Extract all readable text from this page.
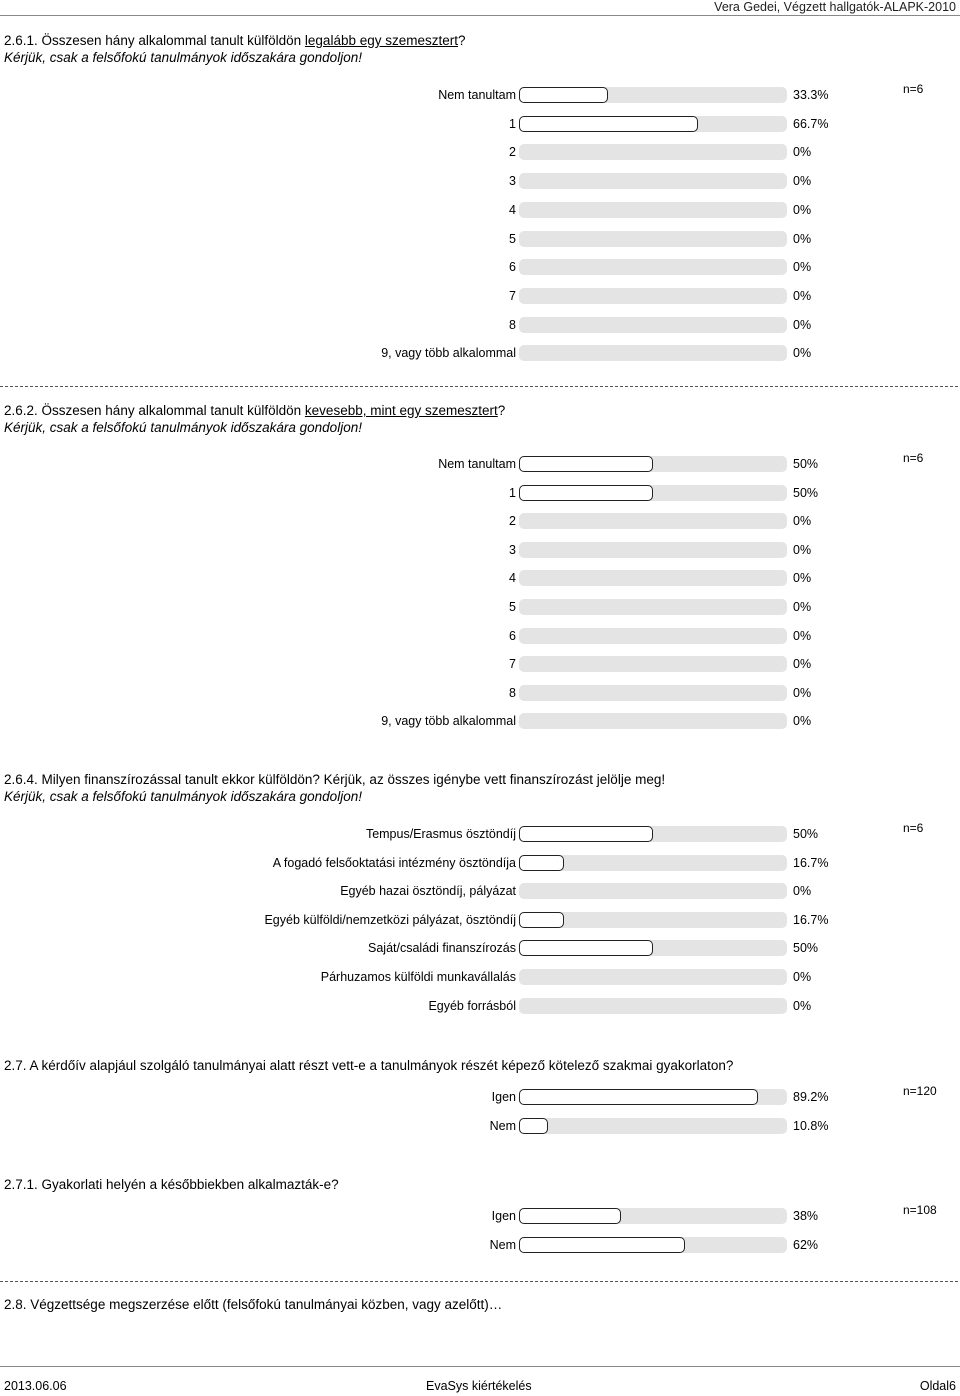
Vera Gedei, Végzett hallgatók-ALAPK-2010
2.6.1. Összesen hány alkalommal tanult külföldön legalább egy szemesztert?
Kérjük, csak a felsőfokú tanulmányok időszakára gondoljon!
n=6
Nem tanultam	33.3%
1	66.7%
2	0%
3	0%
4	0%
5	0%
6	0%
7	0%
8	0%
9, vagy több alkalommal	0%
2.6.2. Összesen hány alkalommal tanult külföldön kevesebb, mint egy szemesztert?
Kérjük, csak a felsőfokú tanulmányok időszakára gondoljon!
n=6
Nem tanultam	50%
1	50%
2	0%
3	0%
4	0%
5	0%
6	0%
7	0%
8	0%
9, vagy több alkalommal	0%
2.6.4. Milyen finanszírozással tanult ekkor külföldön? Kérjük, az összes igénybe vett finanszírozást jelölje meg!
Kérjük, csak a felsőfokú tanulmányok időszakára gondoljon!
n=6
Tempus/Erasmus ösztöndíj	50%
A fogadó felsőoktatási intézmény ösztöndíja	16.7%
Egyéb hazai ösztöndíj, pályázat	0%
Egyéb külföldi/nemzetközi pályázat, ösztöndíj	16.7%
Saját/családi finanszírozás	50%
Párhuzamos külföldi munkavállalás	0%
Egyéb forrásból	0%
2.7. A kérdőív alapjául szolgáló tanulmányai alatt részt vett-e a tanulmányok részét képező kötelező szakmai gyakorlaton?
n=120
Igen	89.2%
Nem	10.8%
2.7.1. Gyakorlati helyén a későbbiekben alkalmazták-e?
n=108
Igen	38%
Nem	62%
2.8. Végzettsége megszerzése előtt (felsőfokú tanulmányai közben, vagy azelőtt)…
2013.06.06	EvaSys kiértékelés	Oldal6
